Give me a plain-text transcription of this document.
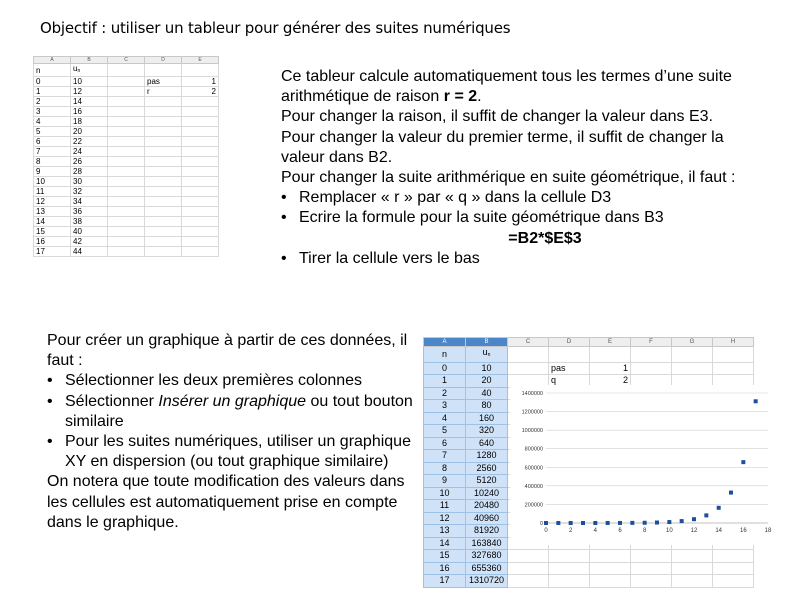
Objectif : utiliser un tableur pour générer des suites numériques
A	B	C	D	E
n	$u_n$			
0	10		pas	1
1	12		r	2
2	14			
3	16			
4	18			
5	20			
6	22			
7	24			
8	26			
9	28			
10	30			
11	32			
12	34			
13	36			
14	38			
15	40			
16	42			
17	44			

Ce tableur calcule automatiquement tous les termes d’une suite arithmétique de raison r = 2.

Pour changer la raison, il suffit de changer la valeur dans E3.

Pour changer la valeur du premier terme, il suffit de changer la valeur dans B2.

Pour changer la suite arithmérique en suite géométrique, il faut :

• Remplacer « r » par « q » dans la cellule D3
• Ecrire la formule pour la suite géométrique dans B3
=B2*$E$3
• Tirer la cellule vers le bas

Pour créer un graphique à partir de ces données, il faut :

• Sélectionner les deux premières colonnes
• Sélectionner Insérer un graphique ou tout bouton similaire
• Pour les suites numériques, utiliser un graphique XY en dispersion (ou tout graphique similaire)

On notera que toute modification des valeurs dans les cellules est automatiquement prise en compte dans le graphique.

A	B	C	D	E	F	G	H
n	$u_n$						
0	10		pas	1			
1	20		q	2			
2	40						
3	80						
4	160						
5	320						
6	640						
7	1280						
8	2560						
9	5120						
10	10240						
11	20480						
12	40960						
13	81920						
14	163840						
15	327680						
16	655360						
17	1310720						
0
200000
400000
600000
800000
1000000
1200000
1400000
0	2	4	6	8	10	12	14	16	18
